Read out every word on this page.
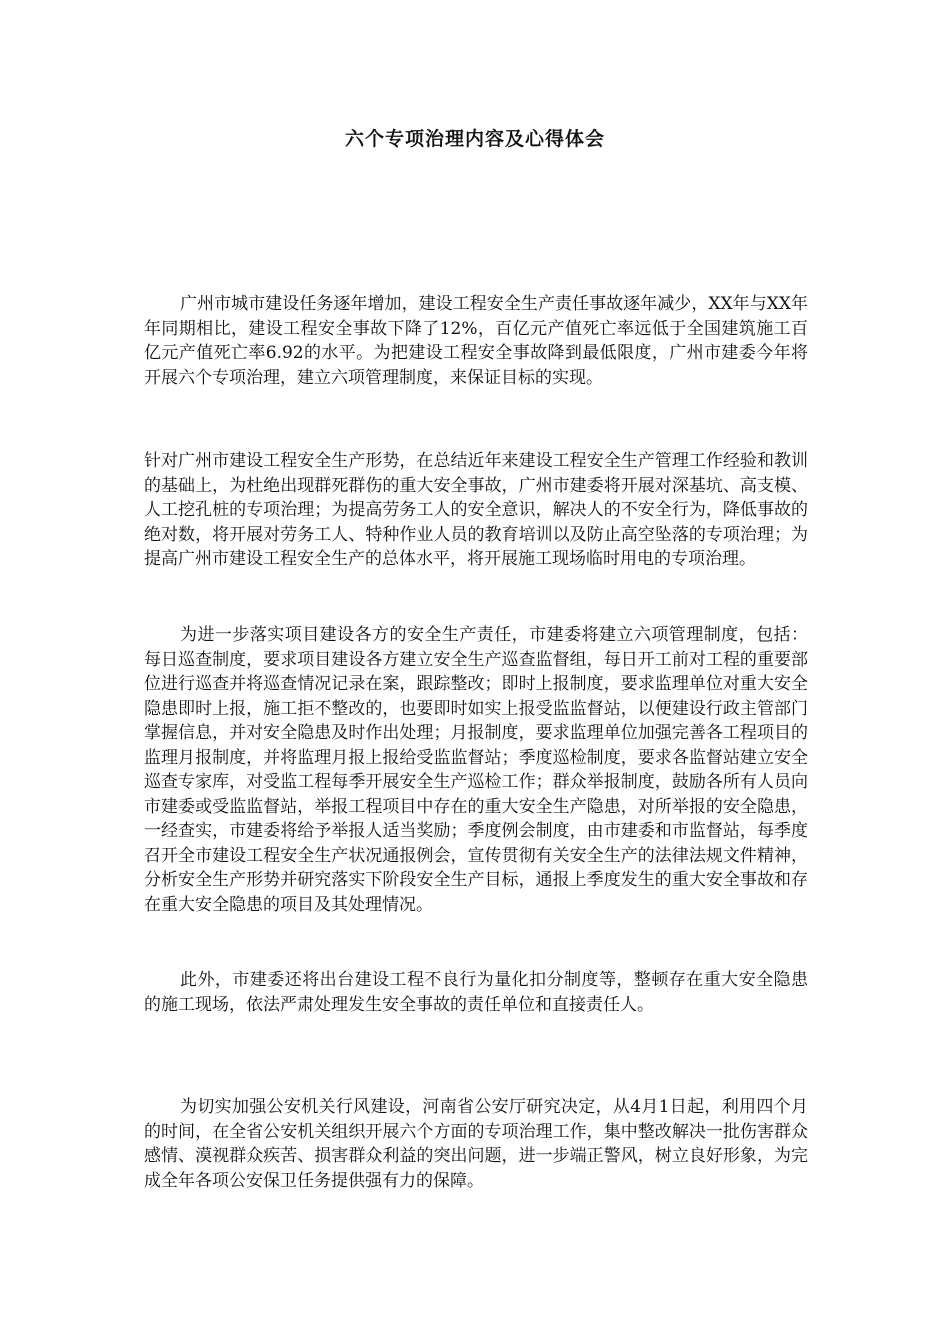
六个专项治理内容及心得体会

广州市城市建设任务逐年增加，建设工程安全生产责任事故逐年减少，XX年与XX年年同期相比，建设工程安全事故下降了12%，百亿元产值死亡率远低于全国建筑施工百亿元产值死亡率6.92的水平。为把建设工程安全事故降到最低限度，广州市建委今年将开展六个专项治理，建立六项管理制度，来保证目标的实现。

针对广州市建设工程安全生产形势，在总结近年来建设工程安全生产管理工作经验和教训的基础上，为杜绝出现群死群伤的重大安全事故，广州市建委将开展对深基坑、高支模、人工挖孔桩的专项治理；为提高劳务工人的安全意识，解决人的不安全行为，降低事故的绝对数，将开展对劳务工人、特种作业人员的教育培训以及防止高空坠落的专项治理；为提高广州市建设工程安全生产的总体水平，将开展施工现场临时用电的专项治理。

为进一步落实项目建设各方的安全生产责任，市建委将建立六项管理制度，包括：每日巡查制度，要求项目建设各方建立安全生产巡查监督组，每日开工前对工程的重要部位进行巡查并将巡查情况记录在案，跟踪整改；即时上报制度，要求监理单位对重大安全隐患即时上报，施工拒不整改的，也要即时如实上报受监监督站，以便建设行政主管部门掌握信息，并对安全隐患及时作出处理；月报制度，要求监理单位加强完善各工程项目的监理月报制度，并将监理月报上报给受监监督站；季度巡检制度，要求各监督站建立安全巡查专家库，对受监工程每季开展安全生产巡检工作；群众举报制度，鼓励各所有人员向市建委或受监监督站，举报工程项目中存在的重大安全生产隐患，对所举报的安全隐患，一经查实，市建委将给予举报人适当奖励；季度例会制度，由市建委和市监督站，每季度召开全市建设工程安全生产状况通报例会，宣传贯彻有关安全生产的法律法规文件精神，分析安全生产形势并研究落实下阶段安全生产目标，通报上季度发生的重大安全事故和存在重大安全隐患的项目及其处理情况。

此外，市建委还将出台建设工程不良行为量化扣分制度等，整顿存在重大安全隐患的施工现场，依法严肃处理发生安全事故的责任单位和直接责任人。

为切实加强公安机关行风建设，河南省公安厅研究决定，从4月1日起，利用四个月的时间，在全省公安机关组织开展六个方面的专项治理工作，集中整改解决一批伤害群众感情、漠视群众疾苦、损害群众利益的突出问题，进一步端正警风，树立良好形象，为完成全年各项公安保卫任务提供强有力的保障。
